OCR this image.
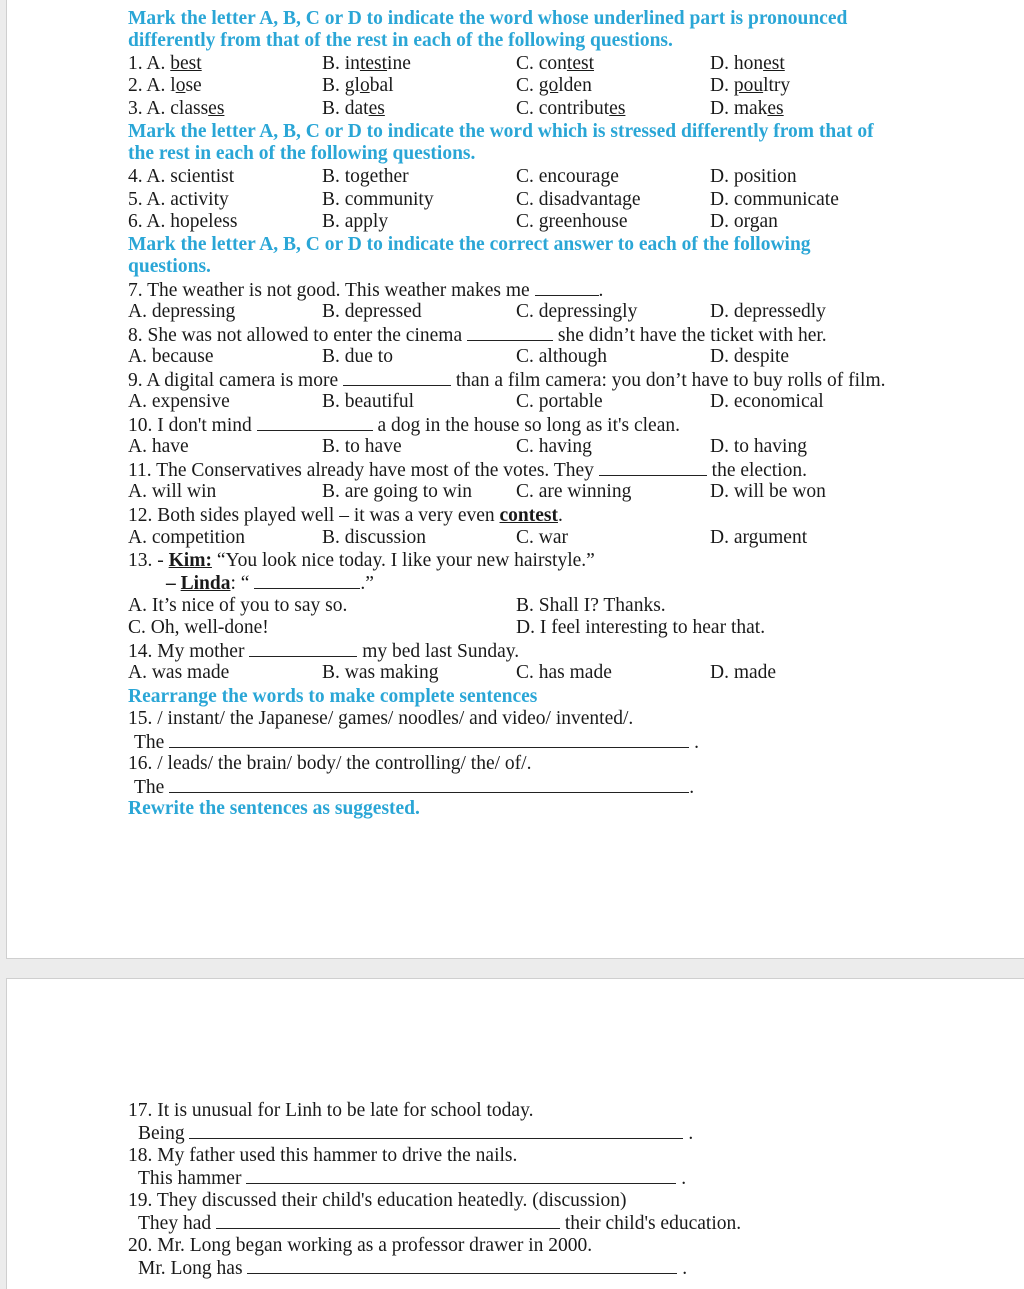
Mark the letter A, B, C or D to indicate the word whose underlined part is pronounced
differently from that of the rest in each of the following questions.
1. A. best	B. intestine	C. contest	D. honest
2. A. lose	B. global	C. golden	D. poultry
3. A. classes	B. dates	C. contributes	D. makes
Mark the letter A, B, C or D to indicate the word which is stressed differently from that of
the rest in each of the following questions.
4. A. scientist	B. together	C. encourage	D. position
5. A. activity	B. community	C. disadvantage	D. communicate
6. A. hopeless	B. apply	C. greenhouse	D. organ
Mark the letter A, B, C or D to indicate the correct answer to each of the following
questions.
7. The weather is not good. This weather makes me	.
A. depressing	B. depressed	C. depressingly	D. depressedly
8. She was not allowed to enter the cinema	she didn’t have the ticket with her.
A. because	B. due to	C. although	D. despite
9. A digital camera is more	than a film camera: you don’t have to buy rolls of film.
A. expensive	B. beautiful	C. portable	D. economical
10. I don't mind	a dog in the house so long as it's clean.
A. have	B. to have	C. having	D. to having
11. The Conservatives already have most of the votes. They	the election.
A. will win	B. are going to win C. are winning	D. will be won
12. Both sides played well – it was a very even contest.
A. competition	B. discussion	C. war	D. argument
13. - Kim: “You look nice today. I like your new hairstyle.”
– Linda: “	.”
A. It’s nice of you to say so.	B. Shall I? Thanks.
C. Oh, well-done!	D. I feel interesting to hear that.
14. My mother	my bed last Sunday.
A. was made	B. was making	C. has made	D. made
Rearrange the words to make complete sentences
15. / instant/ the Japanese/ games/ noodles/ and video/ invented/.
The	.
16. / leads/ the brain/ body/ the controlling/ the/ of/.
The	.
Rewrite the sentences as suggested.
17. It is unusual for Linh to be late for school today.
Being	.
18. My father used this hammer to drive the nails.
This hammer	.
19. They discussed their child's education heatedly. (discussion)
They had	their child's education.
20. Mr. Long began working as a professor drawer in 2000.
Mr. Long has	.
